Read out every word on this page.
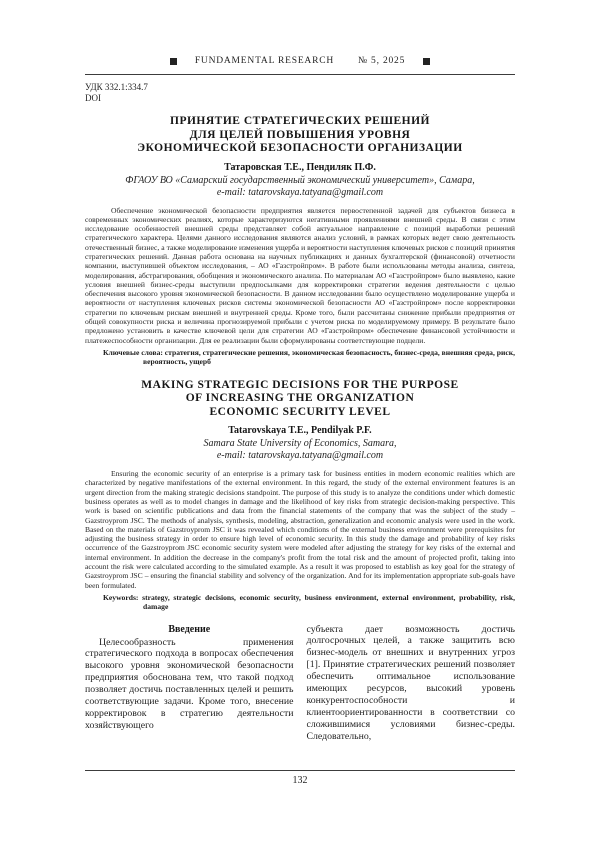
FUNDAMENTAL RESEARCH	№ 5, 2025
УДК 332.1:334.7
DOI
ПРИНЯТИЕ СТРАТЕГИЧЕСКИХ РЕШЕНИЙ
ДЛЯ ЦЕЛЕЙ ПОВЫШЕНИЯ УРОВНЯ
ЭКОНОМИЧЕСКОЙ БЕЗОПАСНОСТИ ОРГАНИЗАЦИИ
Татаровская Т.Е., Пендиляк П.Ф.
ФГАОУ ВО «Самарский государственный экономический университет», Самара,
e-mail: tatarovskaya.tatyana@gmail.com

Обеспечение экономической безопасности предприятия является первостепенной задачей для субъектов бизнеса в современных экономических реалиях, которые характеризуются негативными проявлениями внешней среды. В связи с этим исследование особенностей внешней среды представляет собой актуальное направление с позиций выработки решений стратегического характера. Целями данного исследования являются анализ условий, в рамках которых ведет свою деятельность отечественный бизнес, а также моделирование изменения ущерба и вероятности наступления ключевых рисков с позиций принятия стратегических решений. Данная работа основана на научных публикациях и данных бухгалтерской (финансовой) отчетности компании, выступившей объектом исследования, – АО «Газстройпром». В работе были использованы методы анализа, синтеза, моделирования, абстрагирования, обобщения и экономического анализа. По материалам АО «Газстройпром» было выявлено, какие условия внешней бизнес-среды выступили предпосылками для корректировки стратегии ведения деятельности с целью обеспечения высокого уровня экономической безопасности. В данном исследовании было осуществлено моделирование ущерба и вероятности от наступления ключевых рисков системы экономической безопасности АО «Газстройпром» после корректировки стратегии по ключевым рискам внешней и внутренней среды. Кроме того, были рассчитаны снижение прибыли предприятия от общей совокупности риска и величина прогнозируемой прибыли с учетом риска по моделируемому примеру. В результате было предложено установить в качестве ключевой цели для стратегии АО «Газстройпром» обеспечение финансовой устойчивости и платежеспособности организации. Для ее реализации были сформулированы соответствующие подцели.

Ключевые слова: стратегия, стратегические решения, экономическая безопасность, бизнес-среда, внешняя среда, риск, вероятность, ущерб

MAKING STRATEGIC DECISIONS FOR THE PURPOSE
OF INCREASING THE ORGANIZATION
ECONOMIC SECURITY LEVEL
Tatarovskaya T.E., Pendilyak P.F.
Samara State University of Economics, Samara,
e-mail: tatarovskaya.tatyana@gmail.com

Ensuring the economic security of an enterprise is a primary task for business entities in modern economic realities which are characterized by negative manifestations of the external environment. In this regard, the study of the external environment features is an urgent direction from the making strategic decisions standpoint. The purpose of this study is to analyze the conditions under which domestic business operates as well as to model changes in damage and the likelihood of key risks from strategic decision-making perspective. This work is based on scientific publications and data from the financial statements of the company that was the subject of the study – Gazstroyprom JSC. The methods of analysis, synthesis, modeling, abstraction, generalization and economic analysis were used in the work. Based on the materials of Gazstroyprom JSC it was revealed which conditions of the external business environment were prerequisites for adjusting the business strategy in order to ensure high level of economic security. In this study the damage and probability of key risks occurrence of the Gazstroyprom JSC economic security system were modeled after adjusting the strategy for key risks of the external and internal environment. In addition the decrease in the company's profit from the total risk and the amount of projected profit, taking into account the risk were calculated according to the simulated example. As a result it was proposed to establish as key goal for the strategy of Gazstroyprom JSC – ensuring the financial stability and solvency of the organization. And for its implementation appropriate sub-goals have been formulated.

Keywords: strategy, strategic decisions, economic security, business environment, external environment, probability, risk, damage

Введение

Целесообразность применения стратегического подхода в вопросах обеспечения высокого уровня экономической безопасности предприятия обоснована тем, что такой подход позволяет достичь поставленных целей и решить соответствующие задачи. Кроме того, внесение корректировок в стратегию деятельности хозяйствующего

субъекта дает возможность достичь долгосрочных целей, а также защитить всю бизнес-модель от внешних и внутренних угроз [1]. Принятие стратегических решений позволяет обеспечить оптимальное использование имеющих ресурсов, высокий уровень конкурентоспособности и клиентоориентированности в соответствии со сложившимися условиями бизнес-среды. Следовательно,

132
